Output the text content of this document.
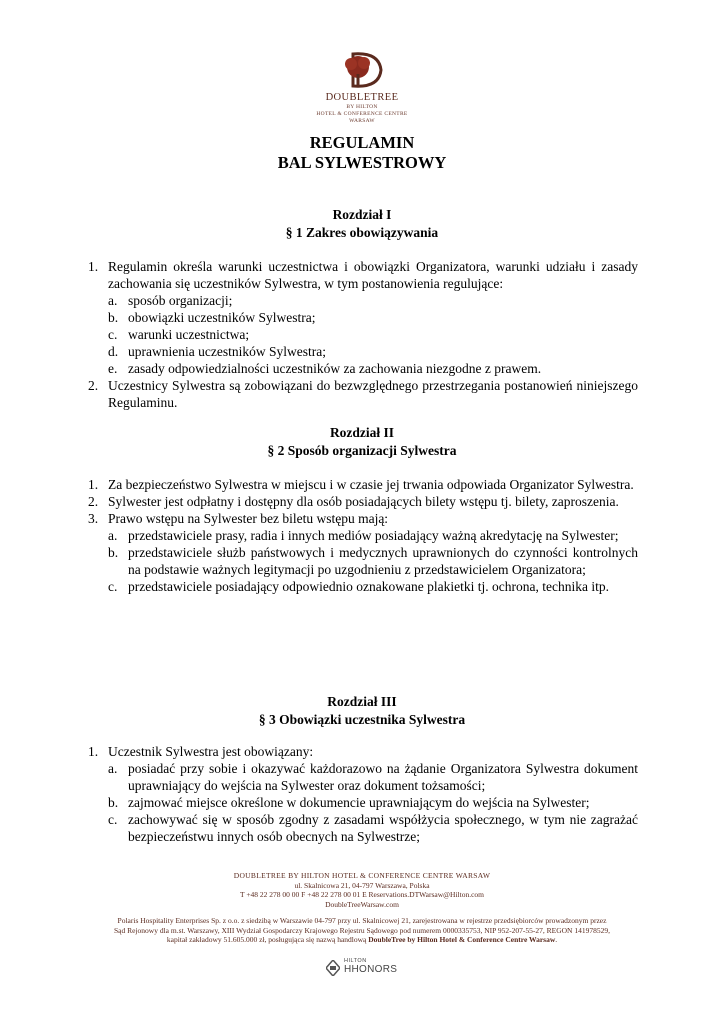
DOUBLETREE
BY HILTON
HOTEL & CONFERENCE CENTRE
WARSAW
REGULAMIN
BAL SYLWESTROWY
Rozdział I
§ 1 Zakres obowiązywania
1. Regulamin określa warunki uczestnictwa i obowiązki Organizatora, warunki udziału i zasady zachowania się uczestników Sylwestra, w tym postanowienia regulujące:
a. sposób organizacji;
b. obowiązki uczestników Sylwestra;
c. warunki uczestnictwa;
d. uprawnienia uczestników Sylwestra;
e. zasady odpowiedzialności uczestników za zachowania niezgodne z prawem.
2. Uczestnicy Sylwestra są zobowiązani do bezwzględnego przestrzegania postanowień niniejszego Regulaminu.
Rozdział II
§ 2 Sposób organizacji Sylwestra
1. Za bezpieczeństwo Sylwestra w miejscu i w czasie jej trwania odpowiada Organizator Sylwestra.
2. Sylwester jest odpłatny i dostępny dla osób posiadających bilety wstępu tj. bilety, zaproszenia.
3. Prawo wstępu na Sylwester bez biletu wstępu mają:
a. przedstawiciele prasy, radia i innych mediów posiadający ważną akredytację na Sylwester;
b. przedstawiciele służb państwowych i medycznych uprawnionych do czynności kontrolnych na podstawie ważnych legitymacji po uzgodnieniu z przedstawicielem Organizatora;
c. przedstawiciele posiadający odpowiednio oznakowane plakietki tj. ochrona, technika itp.
Rozdział III
§ 3 Obowiązki uczestnika Sylwestra
1. Uczestnik Sylwestra jest obowiązany:
a. posiadać przy sobie i okazywać każdorazowo na żądanie Organizatora Sylwestra dokument uprawniający do wejścia na Sylwester oraz dokument tożsamości;
b. zajmować miejsce określone w dokumencie uprawniającym do wejścia na Sylwester;
c. zachowywać się w sposób zgodny z zasadami współżycia społecznego, w tym nie zagrażać bezpieczeństwu innych osób obecnych na Sylwestrze;
DOUBLETREE BY HILTON HOTEL & CONFERENCE CENTRE WARSAW
ul. Skalnicowa 21, 04-797 Warszawa, Polska
T +48 22 278 00 00 F +48 22 278 00 01 E Reservations.DTWarsaw@Hilton.com
DoubleTreeWarsaw.com
Polaris Hospitality Enterprises Sp. z o.o. z siedzibą w Warszawie 04-797 przy ul. Skalnicowej 21, zarejestrowana w rejestrze przedsiębiorców prowadzonym przez
Sąd Rejonowy dla m.st. Warszawy, XIII Wydział Gospodarczy Krajowego Rejestru Sądowego pod numerem 0000335753, NIP 952-207-55-27, REGON 141978529,
kapitał zakładowy 51.605.000 zł, posługująca się nazwą handlową DoubleTree by Hilton Hotel & Conference Centre Warsaw.
HILTON
HHONORS
